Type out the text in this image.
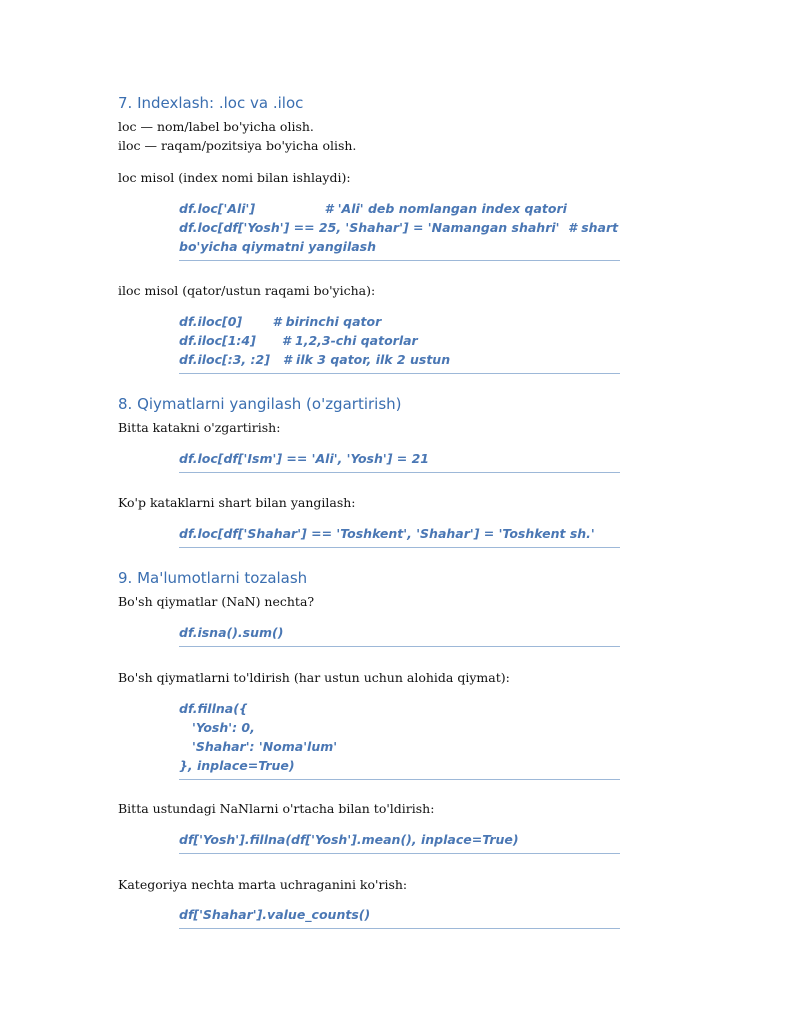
7. Indexlash: .loc va .iloc
loc — nom/label bo'yicha olish.
iloc — raqam/pozitsiya bo'yicha olish.
loc misol (index nomi bilan ishlaydi):
df.loc['Ali']                # 'Ali' deb nomlangan index qatori
df.loc[df['Yosh'] == 25, 'Shahar'] = 'Namangan shahri'  # shart
bo'yicha qiymatni yangilash
iloc misol (qator/ustun raqami bo'yicha):
df.iloc[0]       # birinchi qator
df.iloc[1:4]      # 1,2,3-chi qatorlar
df.iloc[:3, :2]   # ilk 3 qator, ilk 2 ustun
8. Qiymatlarni yangilash (o'zgartirish)
Bitta katakni o'zgartirish:
df.loc[df['Ism'] == 'Ali', 'Yosh'] = 21
Ko'p kataklarni shart bilan yangilash:
df.loc[df['Shahar'] == 'Toshkent', 'Shahar'] = 'Toshkent sh.'
9. Ma'lumotlarni tozalash
Bo'sh qiymatlar (NaN) nechta?
df.isna().sum()
Bo'sh qiymatlarni to'ldirish (har ustun uchun alohida qiymat):
df.fillna({
'Yosh': 0,
'Shahar': 'Noma'lum'
}, inplace=True)
Bitta ustundagi NaNlarni o'rtacha bilan to'ldirish:
df['Yosh'].fillna(df['Yosh'].mean(), inplace=True)
Kategoriya nechta marta uchraganini ko'rish:
df['Shahar'].value_counts()
